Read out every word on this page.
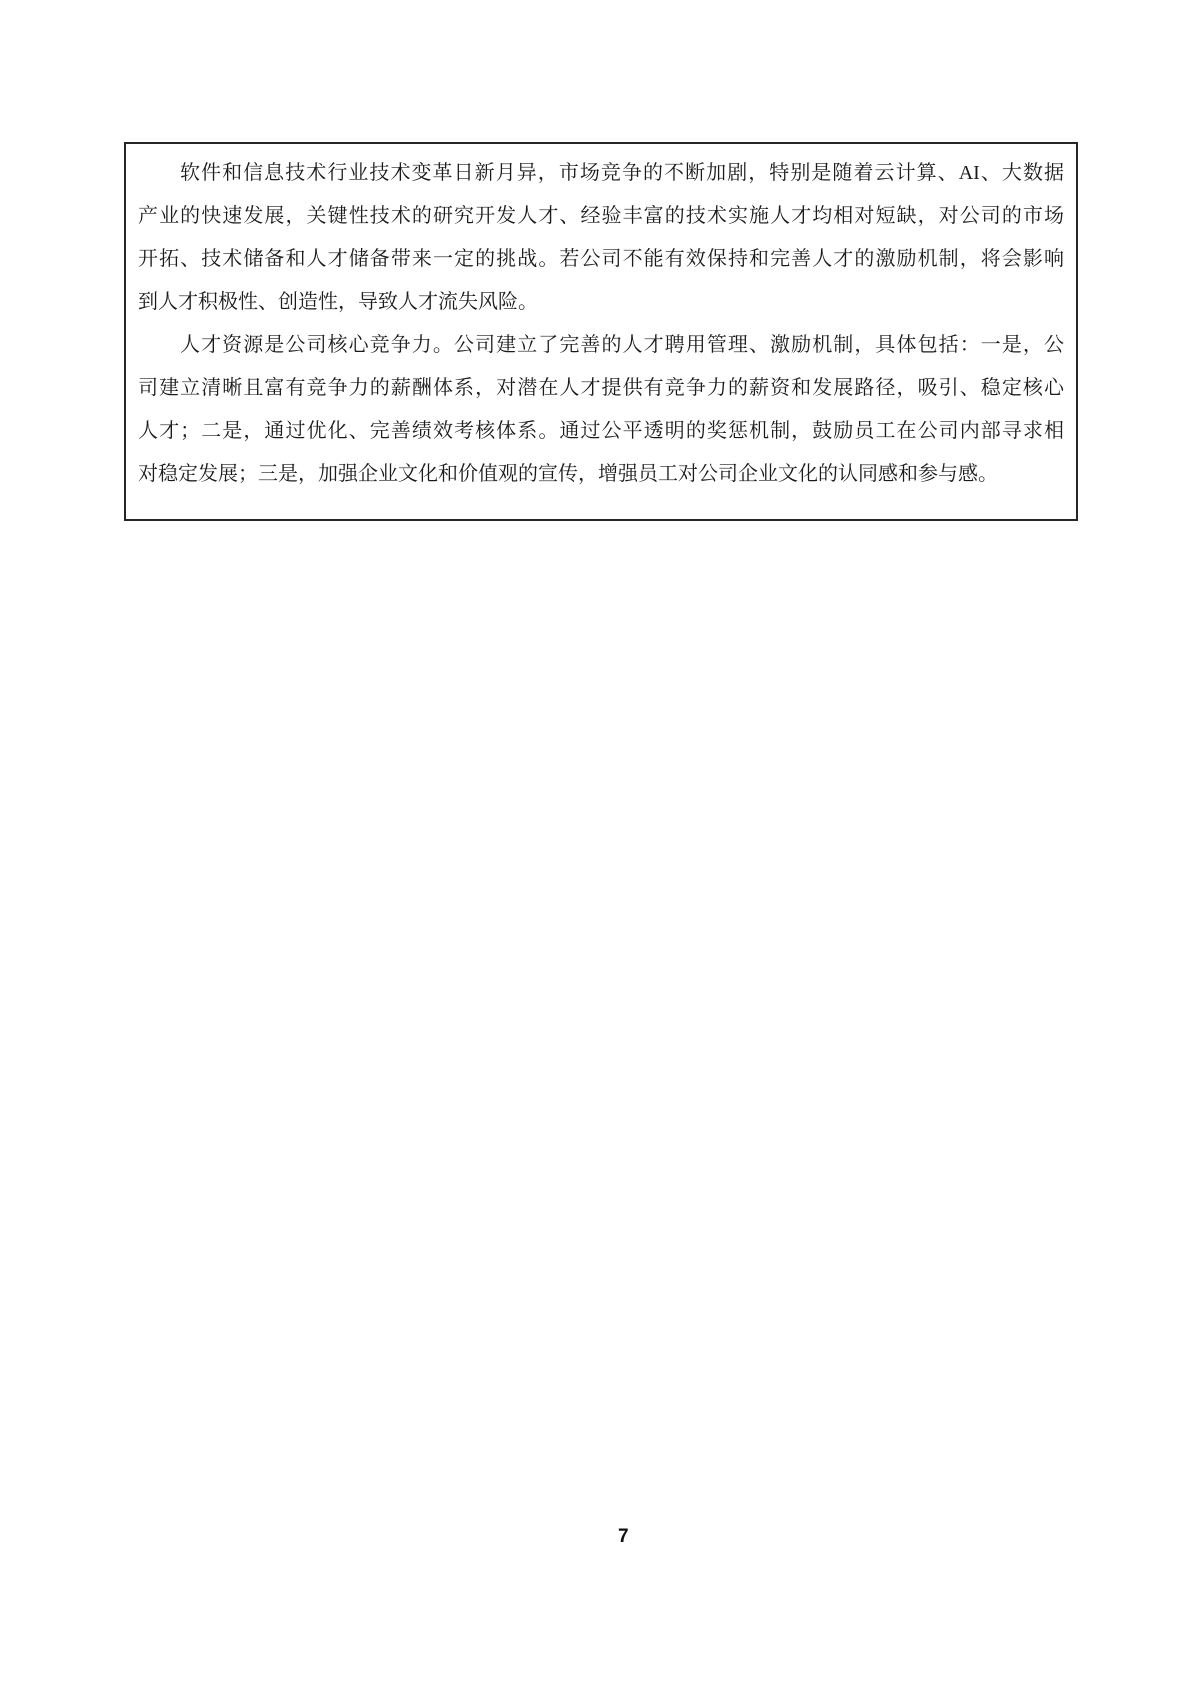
软件和信息技术行业技术变革日新月异，市场竞争的不断加剧，特别是随着云计算、AI、大数据
产业的快速发展，关键性技术的研究开发人才、经验丰富的技术实施人才均相对短缺，对公司的市场
开拓、技术储备和人才储备带来一定的挑战。若公司不能有效保持和完善人才的激励机制，将会影响
到人才积极性、创造性，导致人才流失风险。
人才资源是公司核心竞争力。公司建立了完善的人才聘用管理、激励机制，具体包括：一是，公
司建立清晰且富有竞争力的薪酬体系，对潜在人才提供有竞争力的薪资和发展路径，吸引、稳定核心
人才；二是，通过优化、完善绩效考核体系。通过公平透明的奖惩机制，鼓励员工在公司内部寻求相
对稳定发展；三是，加强企业文化和价值观的宣传，增强员工对公司企业文化的认同感和参与感。
7
